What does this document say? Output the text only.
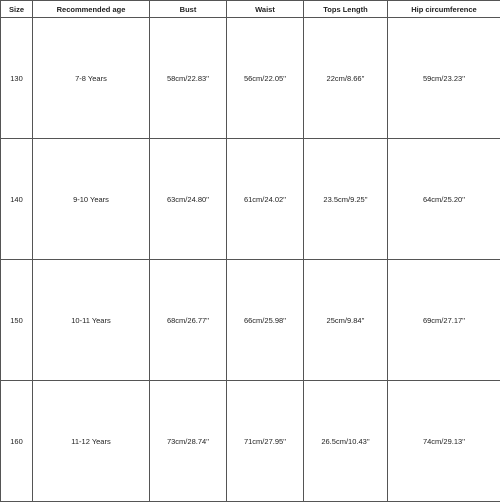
Size	Recommended age	Bust	Waist	Tops Length	Hip circumference
130	7-8 Years	58cm/22.83''	56cm/22.05''	22cm/8.66''	59cm/23.23''
140	9-10 Years	63cm/24.80''	61cm/24.02''	23.5cm/9.25''	64cm/25.20''
150	10-11 Years	68cm/26.77''	66cm/25.98''	25cm/9.84''	69cm/27.17''
160	11-12 Years	73cm/28.74''	71cm/27.95''	26.5cm/10.43''	74cm/29.13''
